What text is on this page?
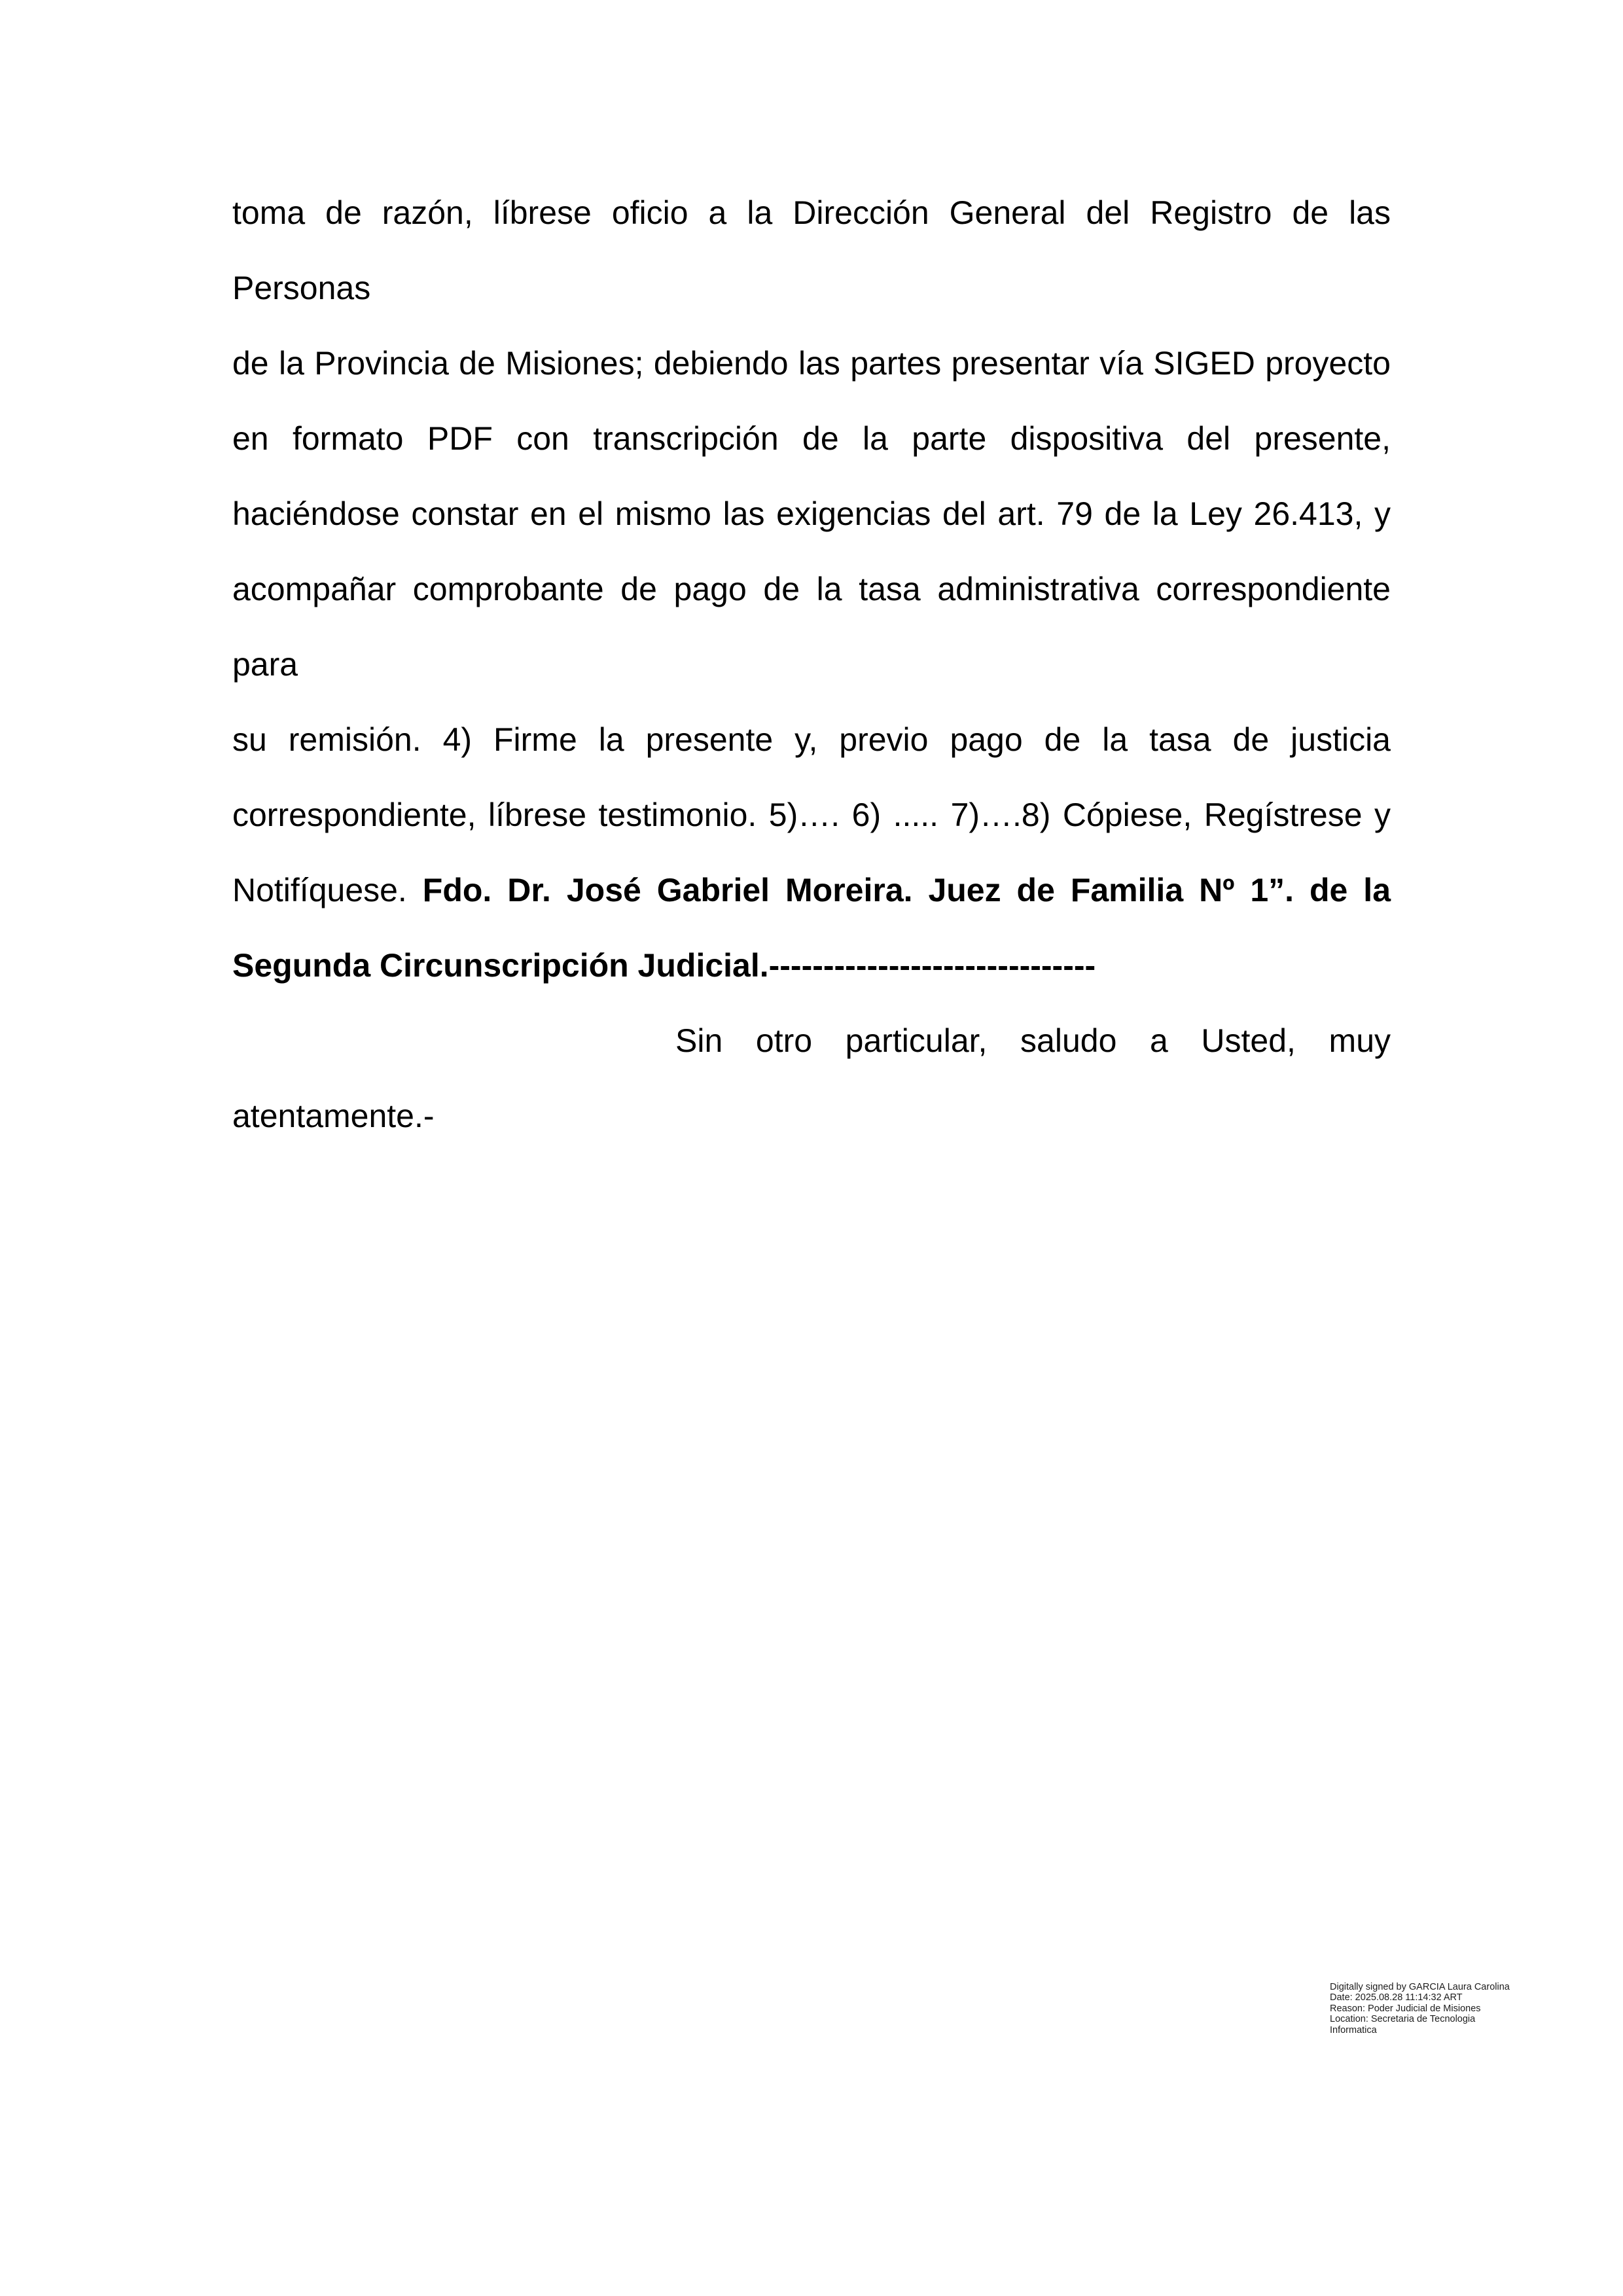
toma de razón, líbrese oficio a la Dirección General del Registro de las Personas
de la Provincia de Misiones; debiendo las partes presentar vía SIGED proyecto
en formato PDF con transcripción de la parte dispositiva del presente,
haciéndose constar en el mismo las exigencias del art. 79 de la Ley 26.413, y
acompañar comprobante de pago de la tasa administrativa correspondiente para
su remisión. 4) Firme la presente y, previo pago de la tasa de justicia
correspondiente, líbrese testimonio. 5)…. 6) ..... 7)….8) Cópiese, Regístrese y
Notifíquese. Fdo. Dr. José Gabriel Moreira. Juez de Familia Nº 1”. de la
Segunda Circunscripción Judicial.------------------------------
Sin otro particular, saludo a Usted, muy
atentamente.-
Digitally signed by GARCIA Laura Carolina
Date: 2025.08.28 11:14:32 ART
Reason: Poder Judicial de Misiones
Location: Secretaria de Tecnologia
Informatica
